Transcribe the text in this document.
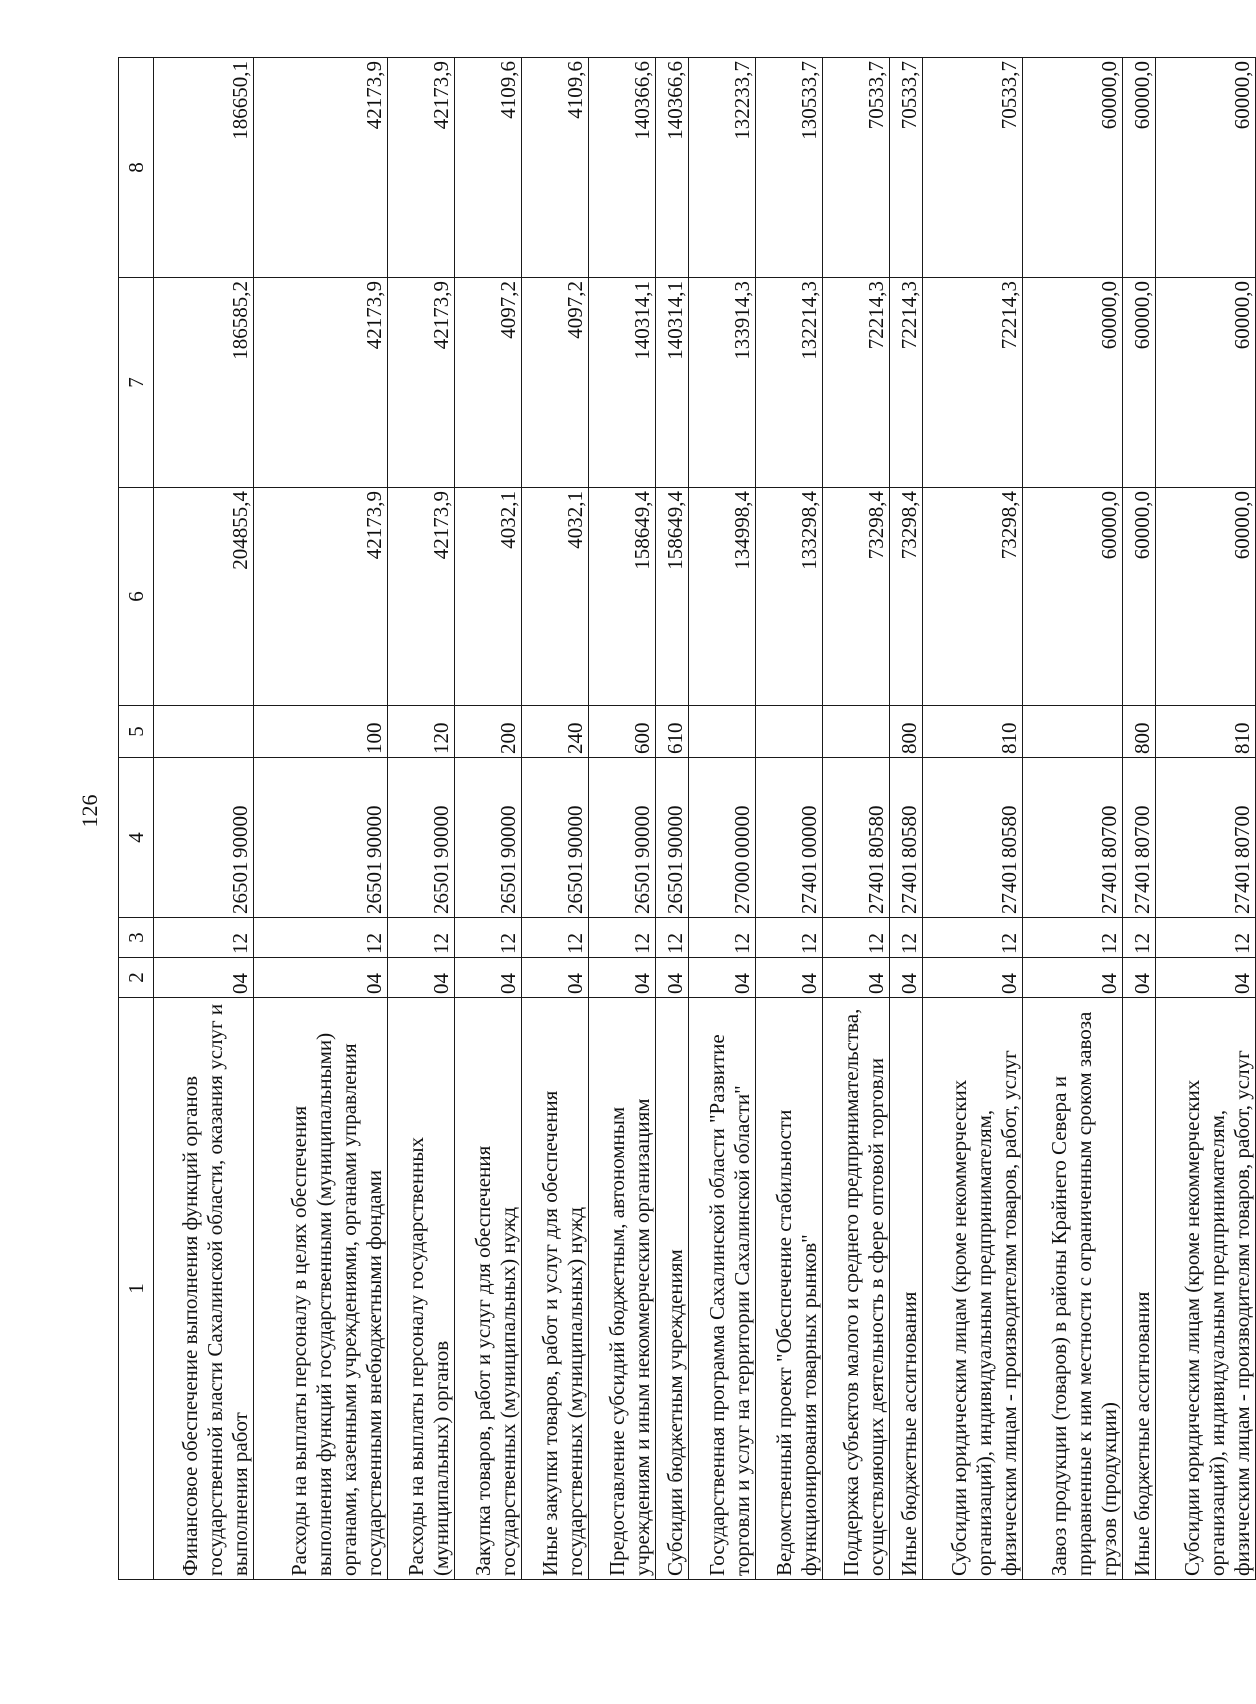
126
1	2	3	4	5	6	7	8
Финансовое обеспечение выполнения функций органов государственной власти Сахалинской области, оказания услуг и выполнения работ	04	12	2650190000		204855,4	186585,2	186650,1
Расходы на выплаты персоналу в целях обеспечения выполнения функций государственными (муниципальными) органами, казенными учреждениями, органами управления государственными внебюджетными фондами	04	12	2650190000	100	42173,9	42173,9	42173,9
Расходы на выплаты персоналу государственных (муниципальных) органов	04	12	2650190000	120	42173,9	42173,9	42173,9
Закупка товаров, работ и услуг для обеспечения государственных (муниципальных) нужд	04	12	2650190000	200	4032,1	4097,2	4109,6
Иные закупки товаров, работ и услуг для обеспечения государственных (муниципальных) нужд	04	12	2650190000	240	4032,1	4097,2	4109,6
Предоставление субсидий бюджетным, автономным учреждениям и иным некоммерческим организациям	04	12	2650190000	600	158649,4	140314,1	140366,6
Субсидии бюджетным учреждениям	04	12	2650190000	610	158649,4	140314,1	140366,6
Государственная программа Сахалинской области "Развитие торговли и услуг на территории Сахалинской области"	04	12	2700000000		134998,4	133914,3	132233,7
Ведомственный проект "Обеспечение стабильности функционирования товарных рынков"	04	12	2740100000		133298,4	132214,3	130533,7
Поддержка субъектов малого и среднего предпринимательства, осуществляющих деятельность в сфере оптовой торговли	04	12	2740180580		73298,4	72214,3	70533,7
Иные бюджетные ассигнования	04	12	2740180580	800	73298,4	72214,3	70533,7
Субсидии юридическим лицам (кроме некоммерческих организаций), индивидуальным предпринимателям, физическим лицам - производителям товаров, работ, услуг	04	12	2740180580	810	73298,4	72214,3	70533,7
Завоз продукции (товаров) в районы Крайнего Севера и приравненные к ним местности с ограниченным сроком завоза грузов (продукции)	04	12	2740180700		60000,0	60000,0	60000,0
Иные бюджетные ассигнования	04	12	2740180700	800	60000,0	60000,0	60000,0
Субсидии юридическим лицам (кроме некоммерческих организаций), индивидуальным предпринимателям, физическим лицам - производителям товаров, работ, услуг	04	12	2740180700	810	60000,0	60000,0	60000,0
